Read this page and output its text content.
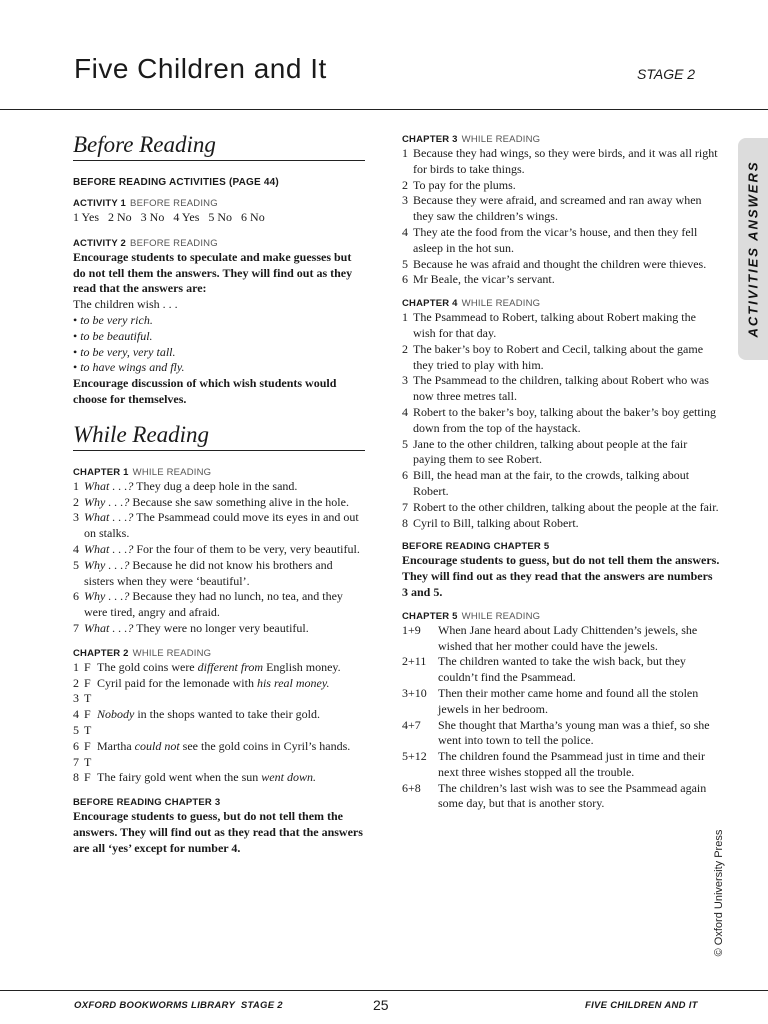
Five Children and It	STAGE 2
ACTIVITIES ANSWERS
© Oxford University Press
Before Reading
BEFORE READING ACTIVITIES (PAGE 44)
ACTIVITY 1 BEFORE READING
1 Yes   2 No   3 No   4 Yes   5 No   6 No
ACTIVITY 2 BEFORE READING
Encourage students to speculate and make guesses but do not tell them the answers. They will find out as they read that the answers are:
The children wish . . .
• to be very rich.
• to be beautiful.
• to be very, very tall.
• to have wings and fly.
Encourage discussion of which wish students would choose for themselves.
While Reading
CHAPTER 1 WHILE READING
1 What . . .? They dug a deep hole in the sand.
2 Why . . .? Because she saw something alive in the hole.
3 What . . .? The Psammead could move its eyes in and out on stalks.
4 What . . .? For the four of them to be very, very beautiful.
5 Why . . .? Because he did not know his brothers and sisters when they were ‘beautiful’.
6 Why . . .? Because they had no lunch, no tea, and they were tired, angry and afraid.
7 What . . .? They were no longer very beautiful.
CHAPTER 2 WHILE READING
1 F The gold coins were different from English money.
2 F Cyril paid for the lemonade with his real money.
3 T
4 F Nobody in the shops wanted to take their gold.
5 T
6 F Martha could not see the gold coins in Cyril’s hands.
7 T
8 F The fairy gold went when the sun went down.
BEFORE READING CHAPTER 3
Encourage students to guess, but do not tell them the answers. They will find out as they read that the answers are all ‘yes’ except for number 4.
CHAPTER 3 WHILE READING
1 Because they had wings, so they were birds, and it was all right for birds to take things.
2 To pay for the plums.
3 Because they were afraid, and screamed and ran away when they saw the children’s wings.
4 They ate the food from the vicar’s house, and then they fell asleep in the hot sun.
5 Because he was afraid and thought the children were thieves.
6 Mr Beale, the vicar’s servant.
CHAPTER 4 WHILE READING
1 The Psammead to Robert, talking about Robert making the wish for that day.
2 The baker’s boy to Robert and Cecil, talking about the game they tried to play with him.
3 The Psammead to the children, talking about Robert who was now three metres tall.
4 Robert to the baker’s boy, talking about the baker’s boy getting down from the top of the haystack.
5 Jane to the other children, talking about people at the fair paying them to see Robert.
6 Bill, the head man at the fair, to the crowds, talking about Robert.
7 Robert to the other children, talking about the people at the fair.
8 Cyril to Bill, talking about Robert.
BEFORE READING CHAPTER 5
Encourage students to guess, but do not tell them the answers. They will find out as they read that the answers are numbers 3 and 5.
CHAPTER 5 WHILE READING
1+9	When Jane heard about Lady Chittenden’s jewels, she wished that her mother could have the jewels.
2+11 The children wanted to take the wish back, but they couldn’t find the Psammead.
3+10 Then their mother came home and found all the stolen jewels in her bedroom.
4+7	She thought that Martha’s young man was a thief, so she went into town to tell the police.
5+12 The children found the Psammead just in time and their next three wishes stopped all the trouble.
6+8	The children’s last wish was to see the Psammead again some day, but that is another story.
OXFORD BOOKWORMS LIBRARY  STAGE 2	25	FIVE CHILDREN AND IT
